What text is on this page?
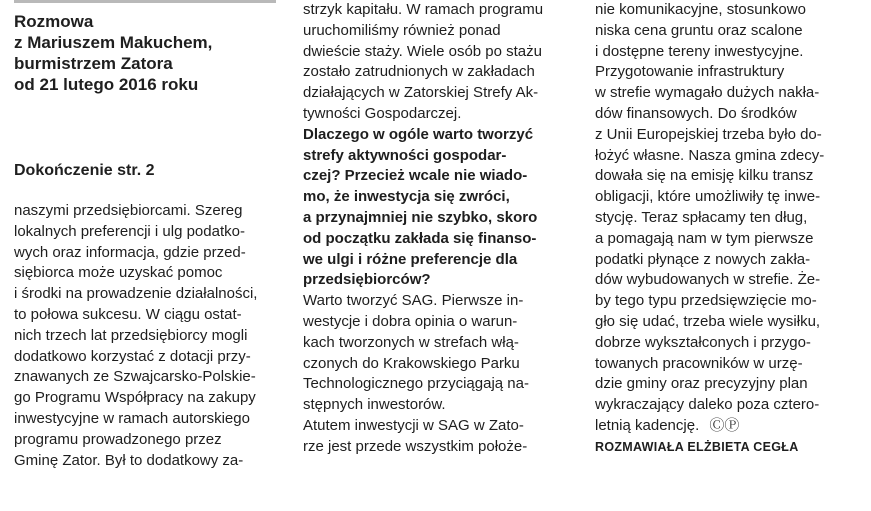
Rozmowa
z Mariuszem Makuchem,
burmistrzem Zatora
od 21 lutego 2016 roku
Dokończenie str. 2
naszymi przedsiębiorcami. Szereg
lokalnych preferencji i ulg podatko-
wych oraz informacja, gdzie przed-
siębiorca może uzyskać pomoc
i środki na prowadzenie działalności,
to połowa sukcesu. W ciągu ostat-
nich trzech lat przedsiębiorcy mogli
dodatkowo korzystać z dotacji przy-
znawanych ze Szwajcarsko-Polskie-
go Programu Współpracy na zakupy
inwestycyjne w ramach autorskiego
programu prowadzonego przez
Gminę Zator. Był to dodatkowy za-
strzyk kapitału. W ramach programu
uruchomiliśmy również ponad
dwieście staży. Wiele osób po stażu
zostało zatrudnionych w zakładach
działających w Zatorskiej Strefy Ak-
tywności Gospodarczej.
Dlaczego w ogóle warto tworzyć
strefy aktywności gospodar-
czej? Przecież wcale nie wiado-
mo, że inwestycja się zwróci,
a przynajmniej nie szybko, skoro
od początku zakłada się finanso-
we ulgi i różne preferencje dla
przedsiębiorców?
Warto tworzyć SAG. Pierwsze in-
westycje i dobra opinia o warun-
kach tworzonych w strefach włą-
czonych do Krakowskiego Parku
Technologicznego przyciągają na-
stępnych inwestorów.
Atutem inwestycji w SAG w Zato-
rze jest przede wszystkim położe-
nie komunikacyjne, stosunkowo
niska cena gruntu oraz scalone
i dostępne tereny inwestycyjne.
Przygotowanie infrastruktury
w strefie wymagało dużych nakła-
dów finansowych. Do środków
z Unii Europejskiej trzeba było do-
łożyć własne. Nasza gmina zdecy-
dowała się na emisję kilku transz
obligacji, które umożliwiły tę inwe-
stycję. Teraz spłacamy ten dług,
a pomagają nam w tym pierwsze
podatki płynące z nowych zakła-
dów wybudowanych w strefie. Że-
by tego typu przedsięwzięcie mo-
gło się udać, trzeba wiele wysiłku,
dobrze wykształconych i przygo-
towanych pracowników w urzę-
dzie gminy oraz precyzyjny plan
wykraczający daleko poza cztero-
letnią kadencję. ⒸⓅ
ROZMAWIAŁA ELŻBIETA CEGŁA
